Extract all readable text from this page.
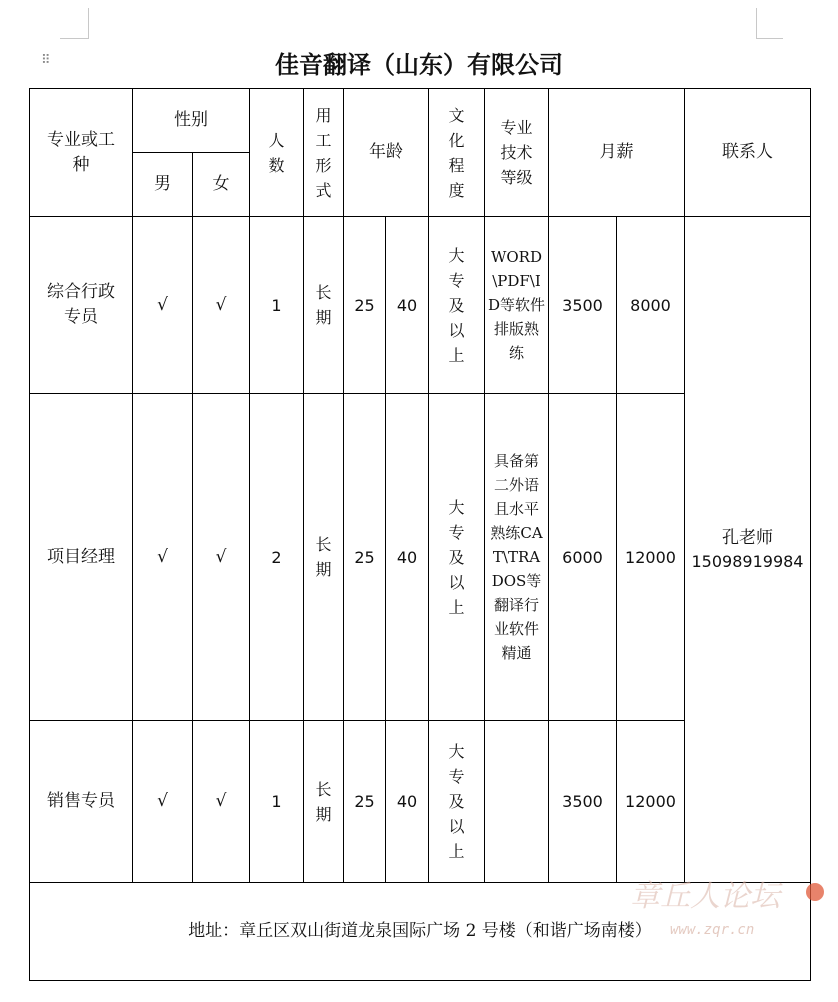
⠿	佳音翻译（山东）有限公司
专业或工种	性别		人数	用工形式	年龄		文化程度	专业技术等级	月薪		联系人
	男	女									
综合行政专员	√	√	1	长期	25	40	大专及以上	WORD\PDF\ID等软件排版熟练	3500	8000	孔老师
15098919984

项目经理	√	√	2	长期	25	40	大专及以上	具备第二外语且水平熟练CAT\TRADOS等翻译行业软件精通	6000	12000	
销售专员	√	√	1	长期	25	40	大专及以上		3500	12000	
地址：章丘区双山街道龙泉国际广场 2 号楼（和谐广场南楼）											
章丘人论坛
www.zqr.cn
